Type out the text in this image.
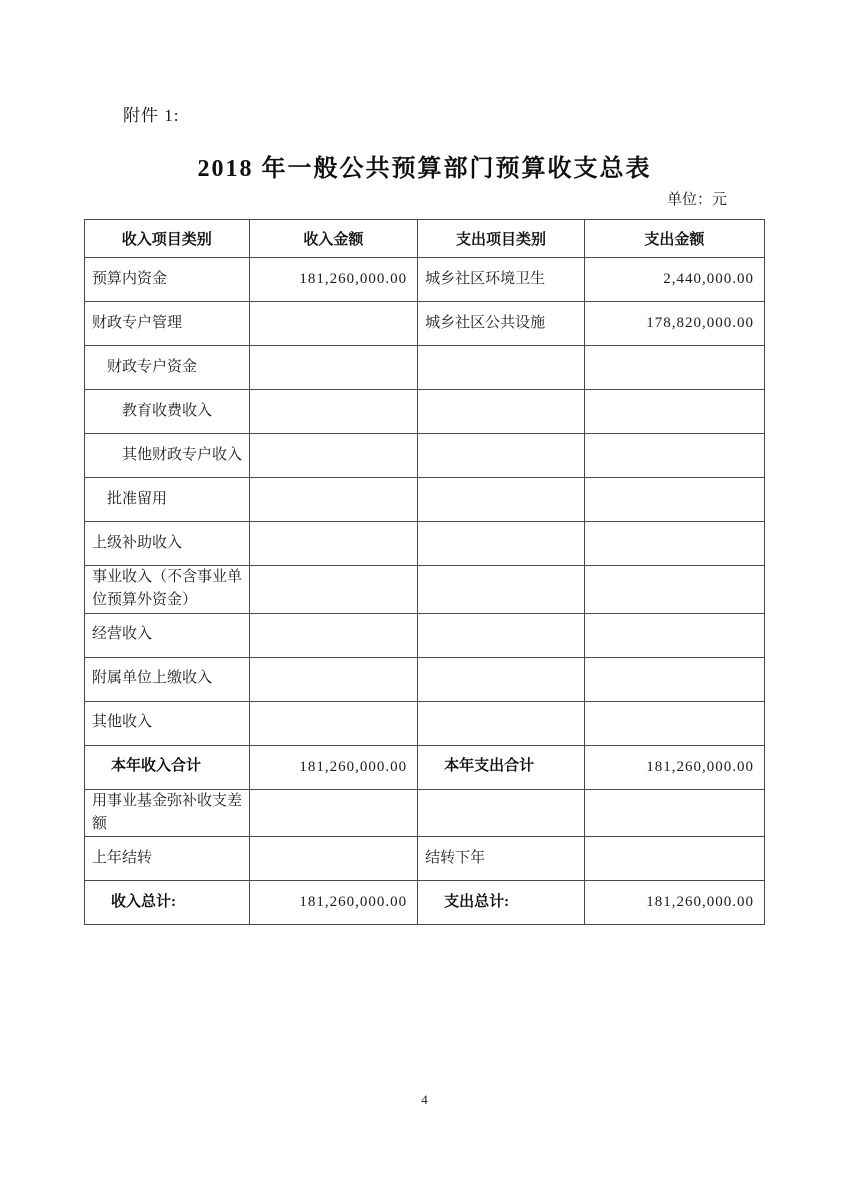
附件 1:
2018 年一般公共预算部门预算收支总表
单位：元
收入项目类别	收入金额	支出项目类别	支出金额
预算内资金	181,260,000.00	城乡社区环境卫生	2,440,000.00
财政专户管理		城乡社区公共设施	178,820,000.00
财政专户资金			
教育收费收入			
其他财政专户收入			
批准留用			
上级补助收入			
事业收入（不含事业单位预算外资金）			
经营收入			
附属单位上缴收入			
其他收入			
本年收入合计	181,260,000.00	本年支出合计	181,260,000.00
用事业基金弥补收支差额			
上年结转		结转下年	
收入总计:	181,260,000.00	支出总计:	181,260,000.00
4
